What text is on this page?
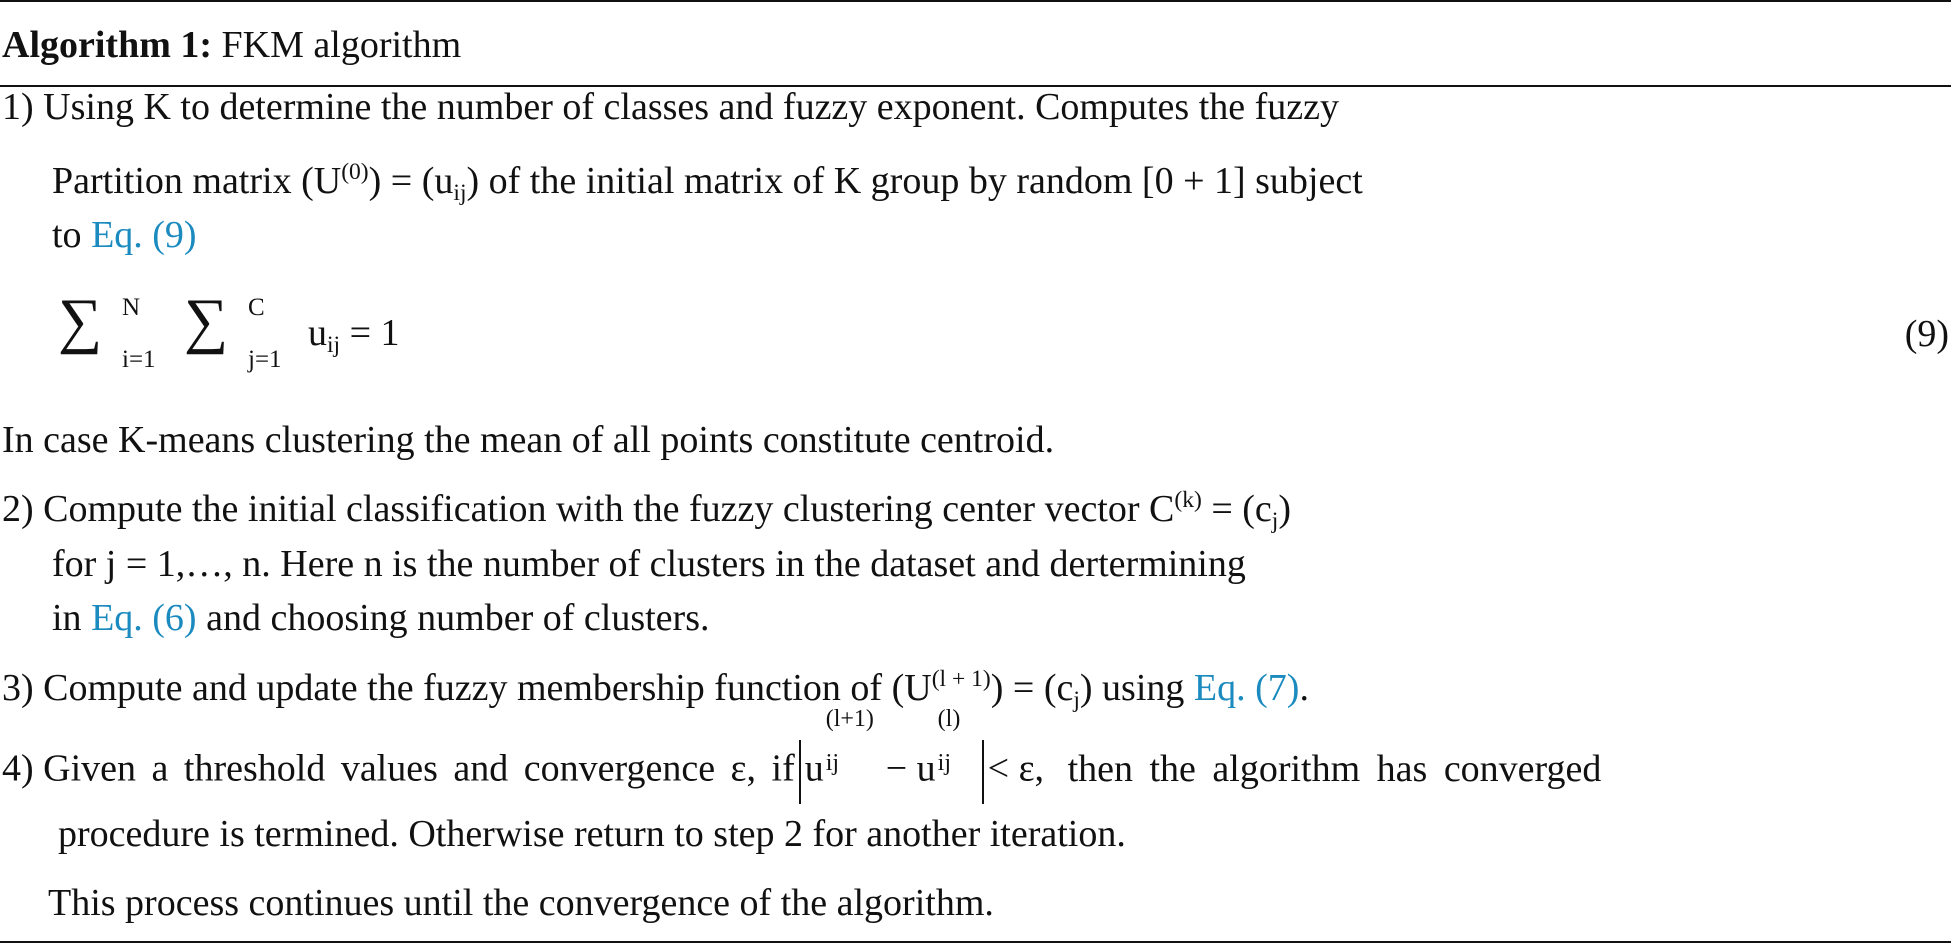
Algorithm 1: FKM algorithm
1) Using K to determine the number of classes and fuzzy exponent. Computes the fuzzy
Partition matrix $(U^{(0)}) = (u_{ij})$ of the initial matrix of K group by random [0 + 1] subject
to Eq. (9)
∑ N
i=1
∑ C
j=1
$u_{ij} = 1$	(9)
In case K-means clustering the mean of all points constitute centroid.
2) Compute the initial classification with the fuzzy clustering center vector $C^{(k)} = (c_j)$
for j = 1,…, n. Here n is the number of clusters in the dataset and dertermining
in Eq. (6) and choosing number of clusters.
3) Compute and update the fuzzy membership function of $(U^{(l + 1)}) = (c_j)$ using Eq. (7).
4) Given a threshold values and convergence ε, if u
(l+1)
ij − u
(l)
ij < ε, then the algorithm has converged
procedure is termined. Otherwise return to step 2 for another iteration.
This process continues until the convergence of the algorithm.
